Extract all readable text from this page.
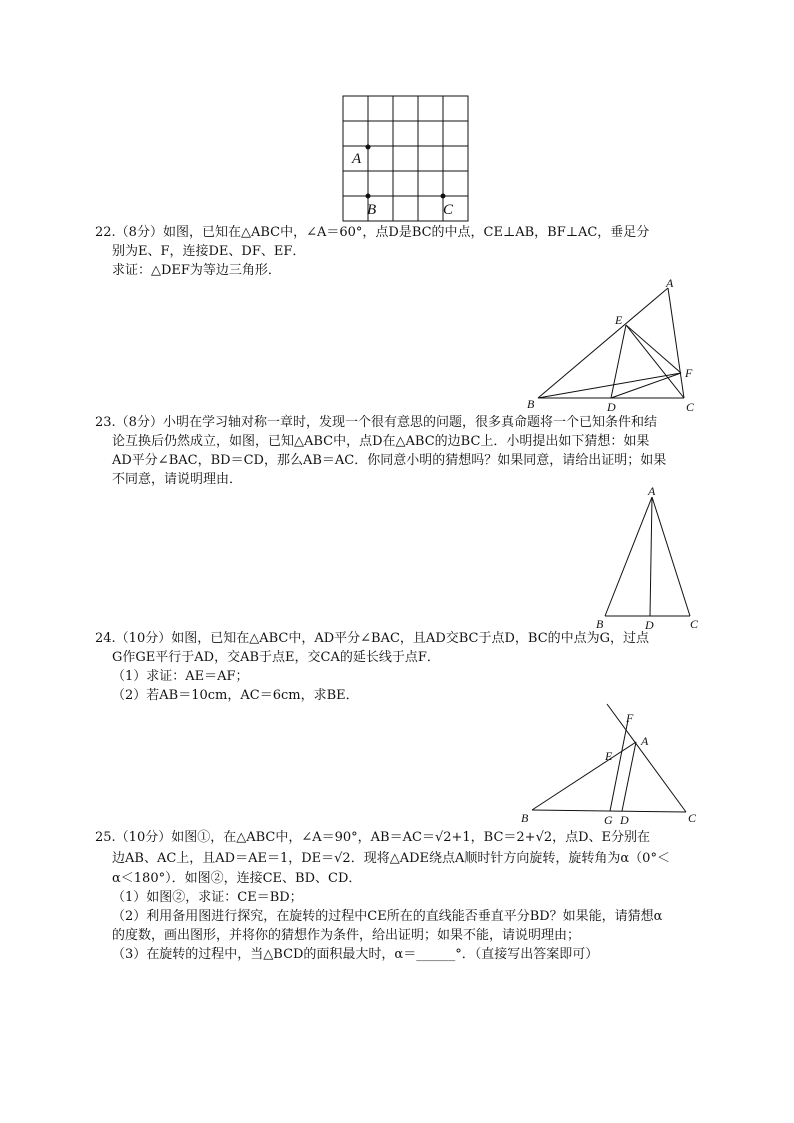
A
B	C
22.（8分）如图，已知在△ABC中，∠A＝60°，点D是BC的中点，CE⊥AB，BF⊥AC，垂足分
别为E、F，连接DE、DF、EF．
求证：△DEF为等边三角形．
A
E
F
B	D	C
23.（8分）小明在学习轴对称一章时，发现一个很有意思的问题，很多真命题将一个已知条件和结
论互换后仍然成立，如图，已知△ABC中，点D在△ABC的边BC上．小明提出如下猜想：如果
AD平分∠BAC，BD＝CD，那么AB＝AC．你同意小明的猜想吗？如果同意，请给出证明；如果
不同意，请说明理由．
A
B	D	C
24.（10分）如图，已知在△ABC中，AD平分∠BAC，且AD交BC于点D，BC的中点为G，过点
G作GE平行于AD，交AB于点E，交CA的延长线于点F．
（1）求证：AE＝AF；
（2）若AB＝10cm，AC＝6cm，求BE．
F
E
A
B	G D	C
25.（10分）如图①，在△ABC中，∠A＝90°，AB＝AC＝√2+1，BC＝2+√2，点D、E分别在
边AB、AC上，且AD＝AE＝1，DE＝√2．现将△ADE绕点A顺时针方向旋转，旋转角为α（0°＜
α＜180°）．如图②，连接CE、BD、CD．
（1）如图②，求证：CE＝BD；
（2）利用备用图进行探究，在旋转的过程中CE所在的直线能否垂直平分BD？如果能，请猜想α
的度数，画出图形，并将你的猜想作为条件，给出证明；如果不能，请说明理由；
（3）在旋转的过程中，当△BCD的面积最大时，α＝______°．（直接写出答案即可）
